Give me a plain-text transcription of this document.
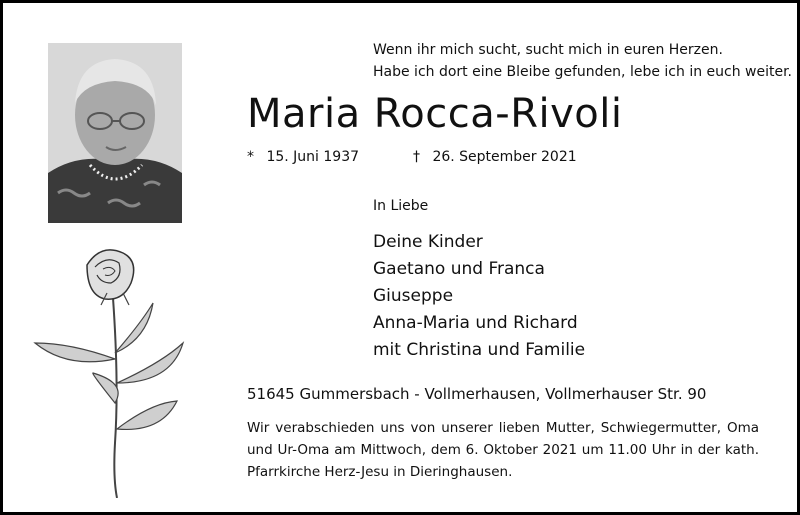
Wenn ihr mich sucht, sucht mich in euren Herzen.
Habe ich dort eine Bleibe gefunden, lebe ich in euch weiter.
Maria Rocca-Rivoli
* 15. Juni 1937	† 26. September 2021
In Liebe
Deine Kinder
Gaetano und Franca
Giuseppe
Anna-Maria und Richard
mit Christina und Familie
51645 Gummersbach - Vollmerhausen, Vollmerhauser Str. 90

Wir verabschieden uns von unserer lieben Mutter, Schwiegermutter, Oma und Ur-Oma am Mittwoch, dem 6. Oktober 2021 um 11.00 Uhr in der kath. Pfarrkirche Herz-Jesu in Dieringhausen.
